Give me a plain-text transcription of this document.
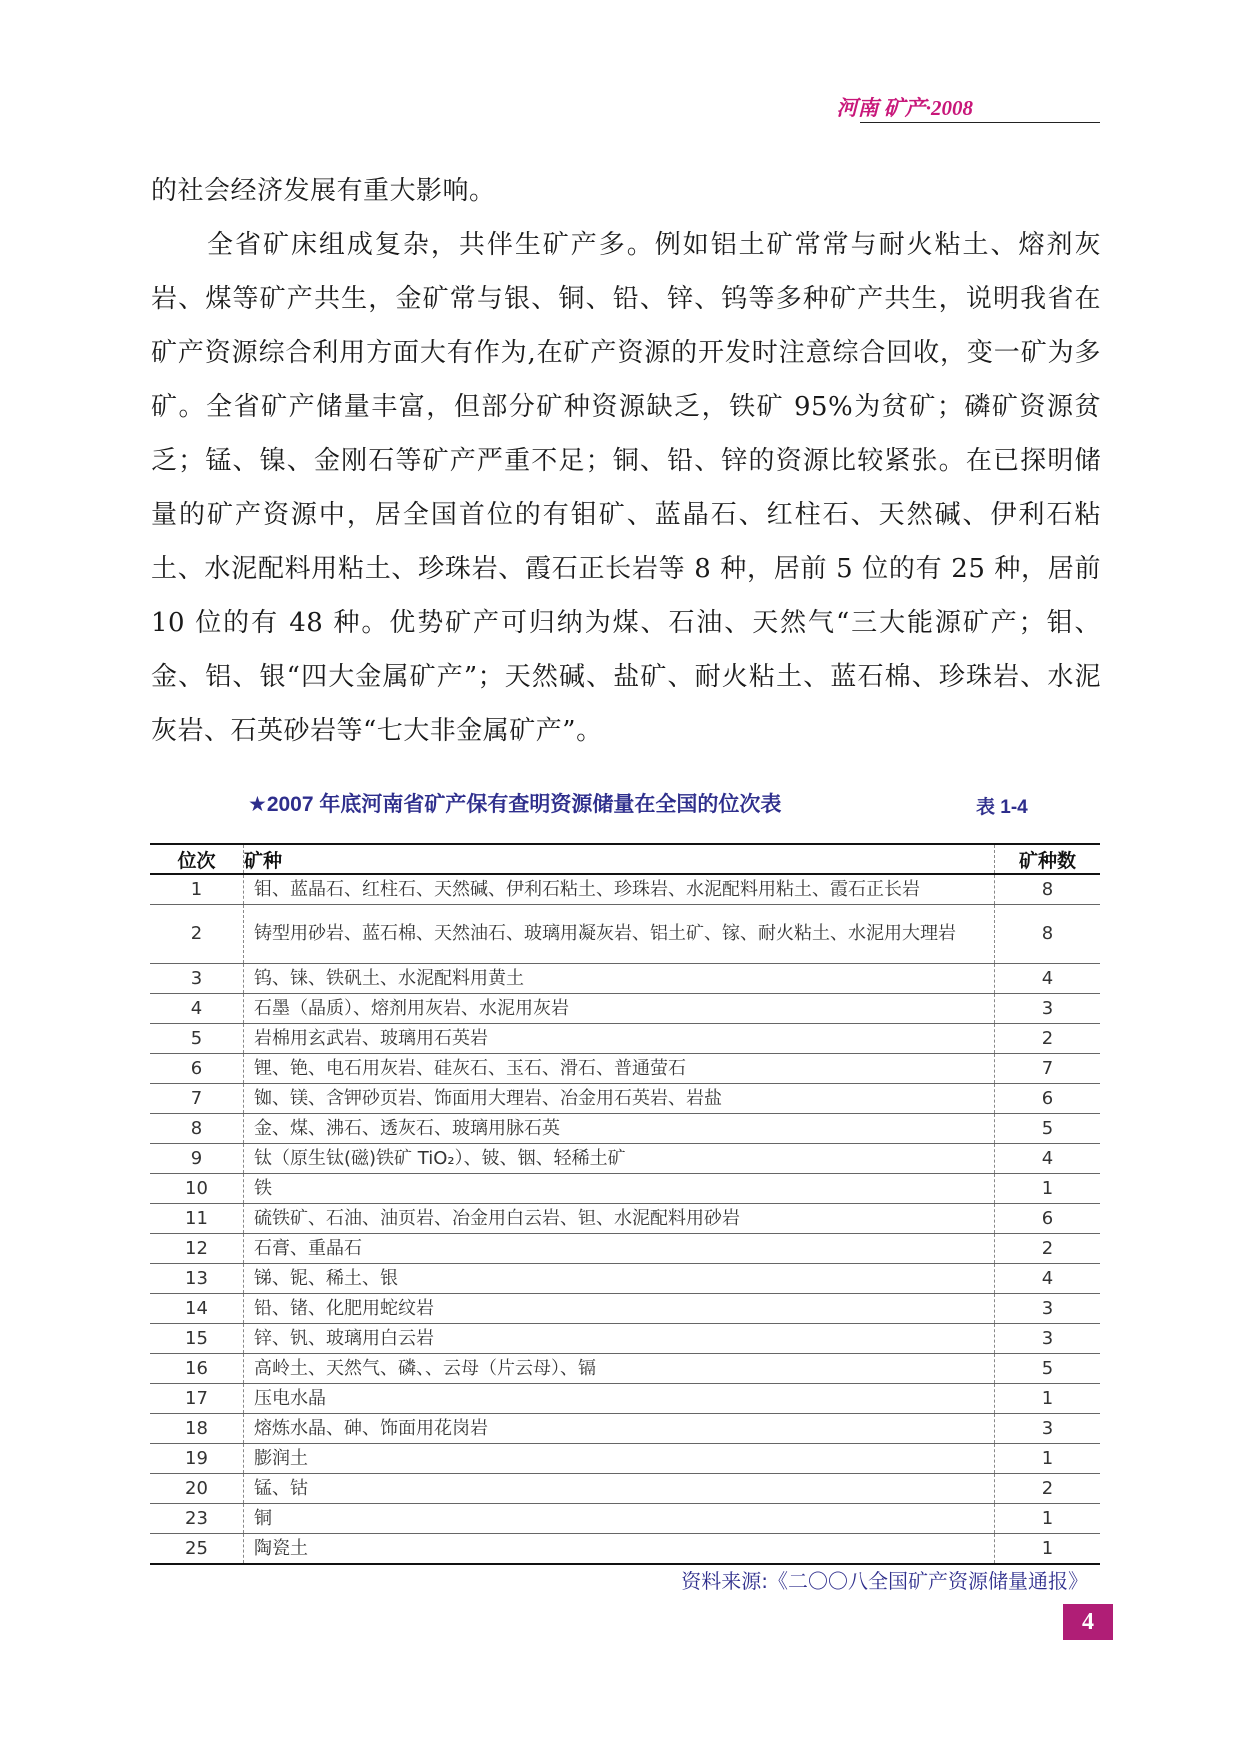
河南 矿产·2008

的社会经济发展有重大影响。

全省矿床组成复杂，共伴生矿产多。例如铝土矿常常与耐火粘土、熔剂灰岩、煤等矿产共生，金矿常与银、铜、铅、锌、钨等多种矿产共生，说明我省在矿产资源综合利用方面大有作为,在矿产资源的开发时注意综合回收，变一矿为多矿。全省矿产储量丰富，但部分矿种资源缺乏，铁矿 95%为贫矿；磷矿资源贫乏；锰、镍、金刚石等矿产严重不足；铜、铅、锌的资源比较紧张。在已探明储量的矿产资源中，居全国首位的有钼矿、蓝晶石、红柱石、天然碱、伊利石粘土、水泥配料用粘土、珍珠岩、霞石正长岩等 8 种，居前 5 位的有 25 种，居前 10 位的有 48 种。优势矿产可归纳为煤、石油、天然气“三大能源矿产；钼、金、铝、银“四大金属矿产”；天然碱、盐矿、耐火粘土、蓝石棉、珍珠岩、水泥灰岩、石英砂岩等“七大非金属矿产”。

★2007 年底河南省矿产保有查明资源储量在全国的位次表	表 1-4
位次	矿种	矿种数
1	钼、蓝晶石、红柱石、天然碱、伊利石粘土、珍珠岩、水泥配料用粘土、霞石正长岩	8
2	铸型用砂岩、蓝石棉、天然油石、玻璃用凝灰岩、铝土矿、镓、耐火粘土、水泥用大理岩	8
3	钨、铼、铁矾土、水泥配料用黄土	4
4	石墨（晶质）、熔剂用灰岩、水泥用灰岩	3
5	岩棉用玄武岩、玻璃用石英岩	2
6	锂、铯、电石用灰岩、硅灰石、玉石、滑石、普通萤石	7
7	铷、镁、含钾砂页岩、饰面用大理岩、冶金用石英岩、岩盐	6
8	金、煤、沸石、透灰石、玻璃用脉石英	5
9	钛（原生钛(磁)铁矿 TiO₂）、铍、铟、轻稀土矿	4
10	铁	1
11	硫铁矿、石油、油页岩、冶金用白云岩、钽、水泥配料用砂岩	6
12	石膏、重晶石	2
13	锑、铌、稀土、银	4
14	铅、锗、化肥用蛇纹岩	3
15	锌、钒、玻璃用白云岩	3
16	高岭土、天然气、磷、、云母（片云母）、镉	5
17	压电水晶	1
18	熔炼水晶、砷、饰面用花岗岩	3
19	膨润土	1
20	锰、钴	2
23	铜	1
25	陶瓷土	1
资料来源:《二〇〇八全国矿产资源储量通报》
4
